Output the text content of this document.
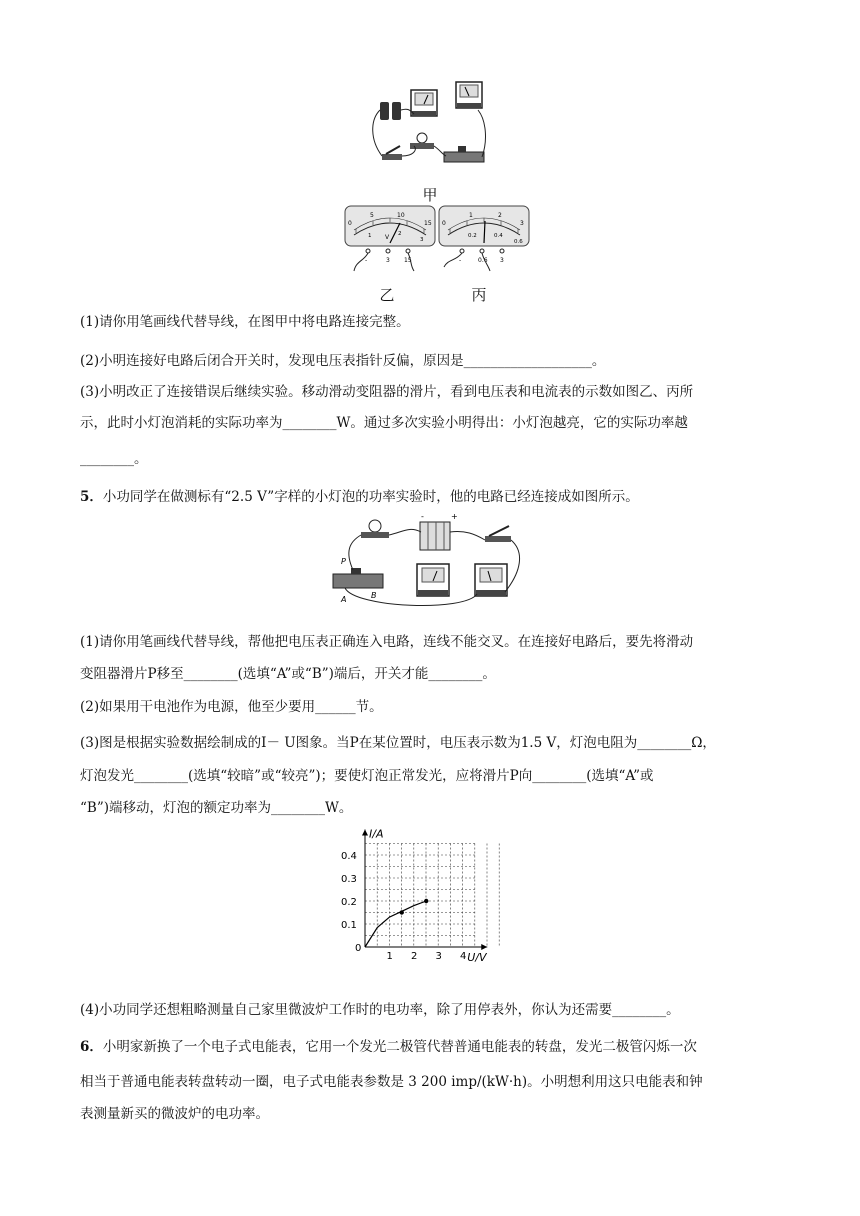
甲
0
5	10
15
1	2
3
V
-	3 15
0
1	2
3
0.2	0.4
0.6
-	0.6 3
乙	丙
(1)请你用笔画线代替导线，在图甲中将电路连接完整。
(2)小明连接好电路后闭合开关时，发现电压表指针反偏，原因是___________________。
(3)小明改正了连接错误后继续实验。移动滑动变阻器的滑片，看到电压表和电流表的示数如图乙、丙所
示，此时小灯泡消耗的实际功率为________W。通过多次实验小明得出：小灯泡越亮，它的实际功率越
________。
5．小功同学在做测标有“2.5 V”字样的小灯泡的功率实验时，他的电路已经连接成如图所示。
-	+
P
A	B
(1)请你用笔画线代替导线，帮他把电压表正确连入电路，连线不能交叉。在连接好电路后，要先将滑动
变阻器滑片P移至________(选填“A”或“B”)端后，开关才能________。
(2)如果用干电池作为电源，他至少要用______节。
(3)图是根据实验数据绘制成的I－ U图象。当P在某位置时，电压表示数为1.5 V，灯泡电阻为________Ω，
灯泡发光________(选填“较暗”或“较亮”)；要使灯泡正常发光，应将滑片P向________(选填“A”或
“B”)端移动，灯泡的额定功率为________W。
1 2 3 4
0.1
0.2
0.3
0.4
0
U/V
I/A
(4)小功同学还想粗略测量自己家里微波炉工作时的电功率，除了用停表外，你认为还需要________。
6．小明家新换了一个电子式电能表，它用一个发光二极管代替普通电能表的转盘，发光二极管闪烁一次
相当于普通电能表转盘转动一圈，电子式电能表参数是 3 200 imp/(kW·h)。小明想利用这只电能表和钟
表测量新买的微波炉的电功率。
